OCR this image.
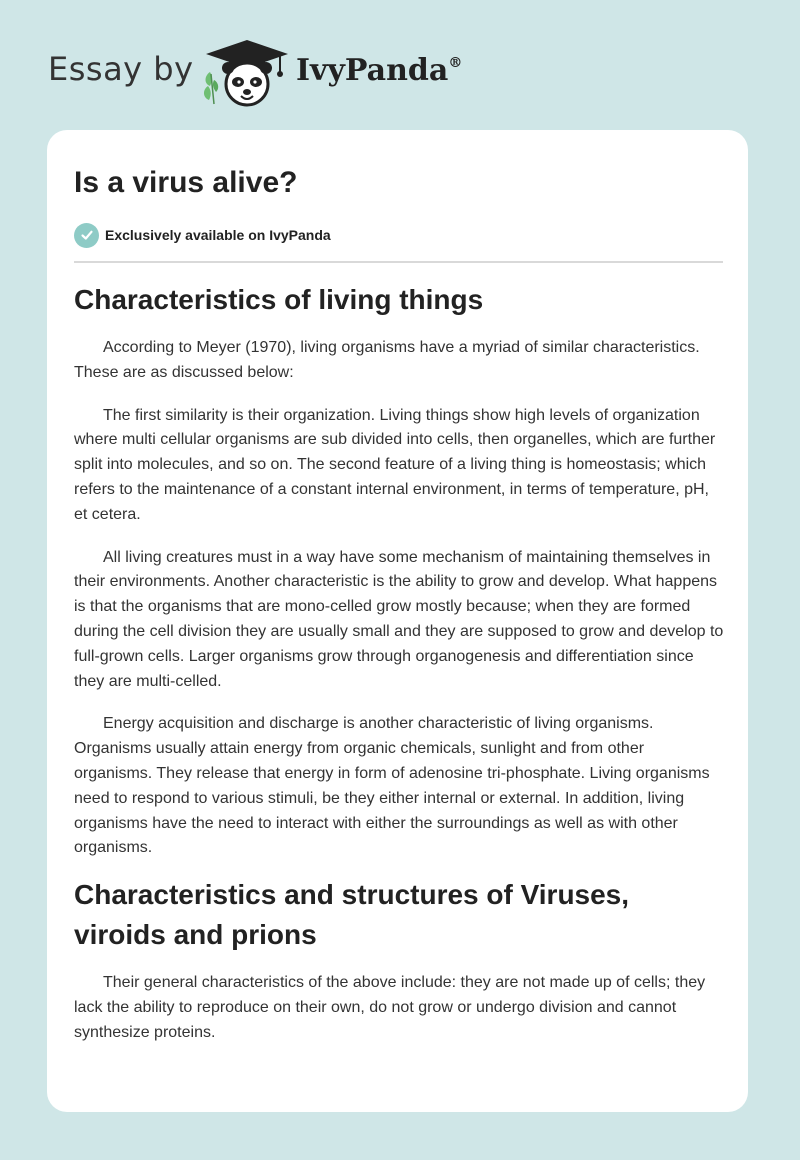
Essay by	IvyPanda®
Is a virus alive?
Exclusively available on IvyPanda
Characteristics of living things

According to Meyer (1970), living organisms have a myriad of similar characteristics. These are as discussed below:

The first similarity is their organization. Living things show high levels of organization where multi cellular organisms are sub divided into cells, then organelles, which are further split into molecules, and so on. The second feature of a living thing is homeostasis; which refers to the maintenance of a constant internal environment, in terms of temperature, pH, et cetera.

All living creatures must in a way have some mechanism of maintaining themselves in their environments. Another characteristic is the ability to grow and develop. What happens is that the organisms that are mono-celled grow mostly because; when they are formed during the cell division they are usually small and they are supposed to grow and develop to full-grown cells. Larger organisms grow through organogenesis and differentiation since they are multi-celled.

Energy acquisition and discharge is another characteristic of living organisms. Organisms usually attain energy from organic chemicals, sunlight and from other organisms. They release that energy in form of adenosine tri-phosphate. Living organisms need to respond to various stimuli, be they either internal or external. In addition, living organisms have the need to interact with either the surroundings as well as with other organisms.

Characteristics and structures of Viruses, viroids and prions

Their general characteristics of the above include: they are not made up of cells; they lack the ability to reproduce on their own, do not grow or undergo division and cannot synthesize proteins.
